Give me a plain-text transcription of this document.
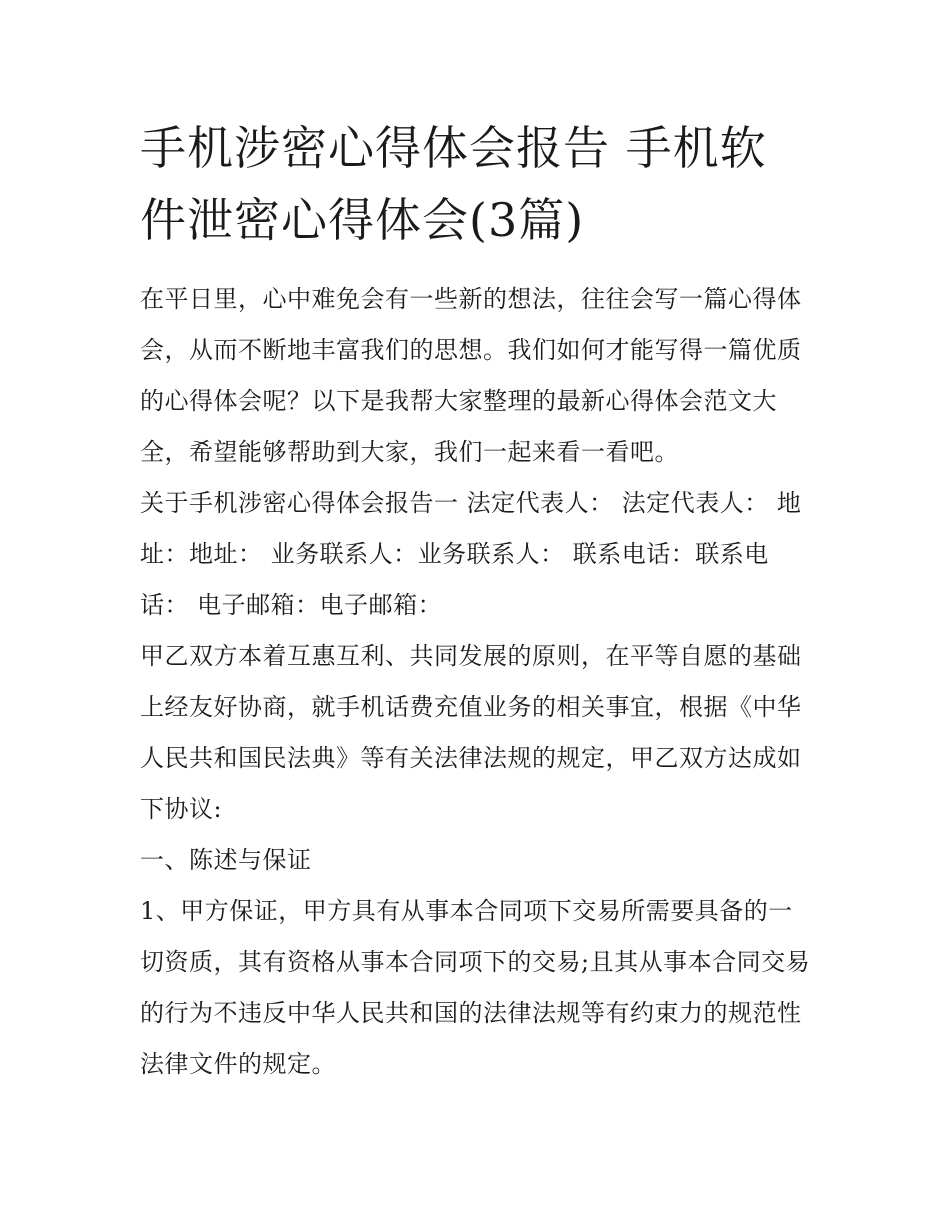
手机涉密心得体会报告 手机软件泄密心得体会(3篇)

在平日里，心中难免会有一些新的想法，往往会写一篇心得体会，从而不断地丰富我们的思想。我们如何才能写得一篇优质的心得体会呢？以下是我帮大家整理的最新心得体会范文大全，希望能够帮助到大家，我们一起来看一看吧。

关于手机涉密心得体会报告一 法定代表人： 法定代表人： 地址：地址： 业务联系人：业务联系人： 联系电话：联系电话： 电子邮箱：电子邮箱：

甲乙双方本着互惠互利、共同发展的原则，在平等自愿的基础上经友好协商，就手机话费充值业务的相关事宜，根据《中华人民共和国民法典》等有关法律法规的规定，甲乙双方达成如下协议:

一、陈述与保证

1、甲方保证，甲方具有从事本合同项下交易所需要具备的一切资质，其有资格从事本合同项下的交易;且其从事本合同交易的行为不违反中华人民共和国的法律法规等有约束力的规范性法律文件的规定。
